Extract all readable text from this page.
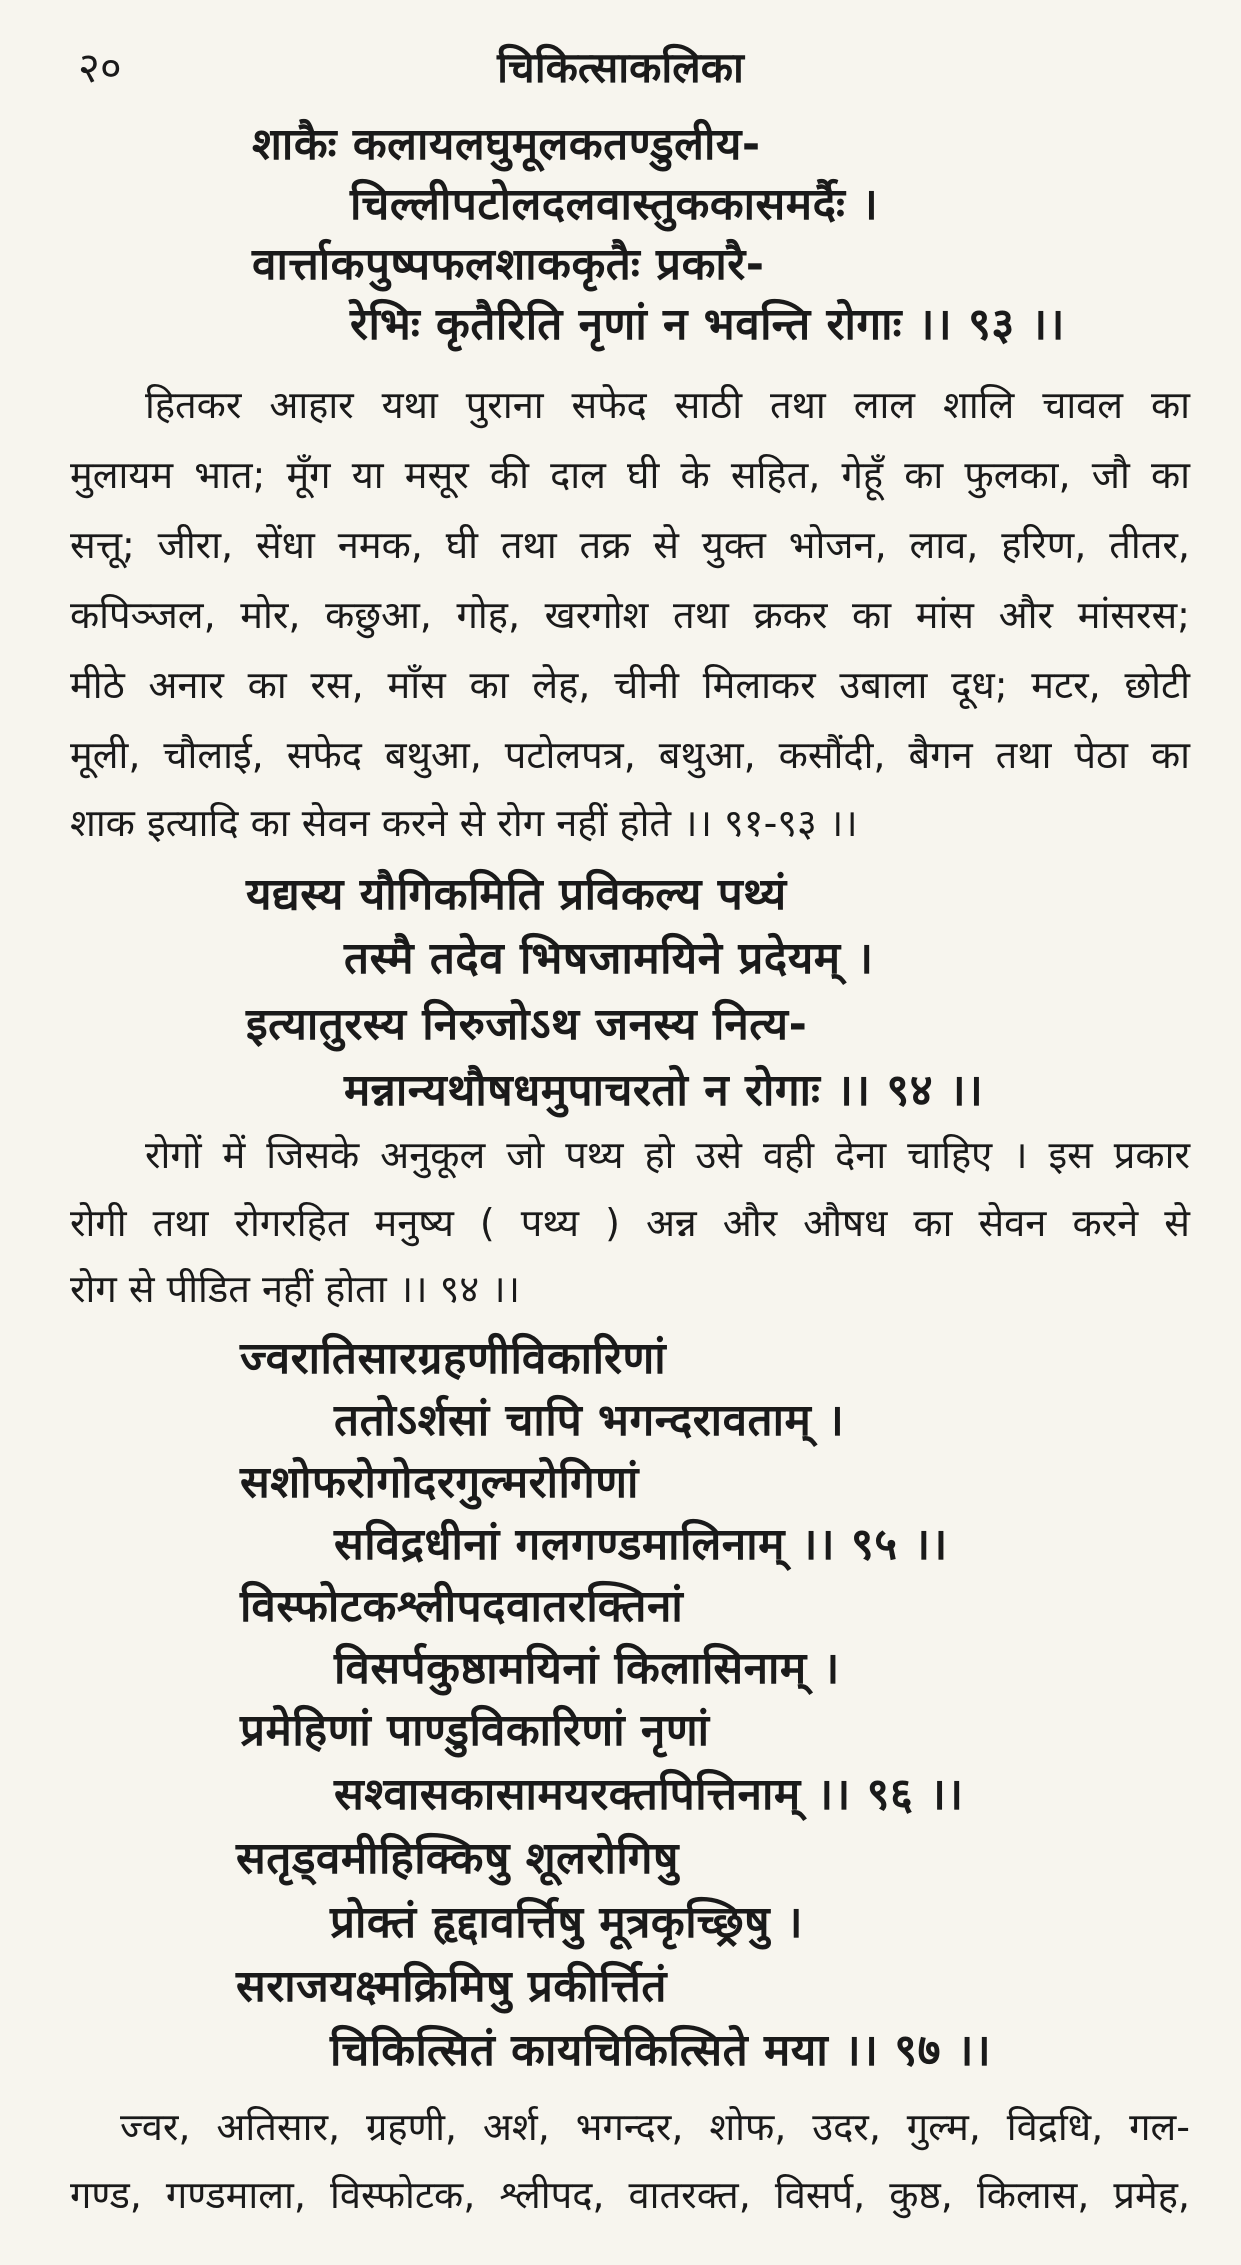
२०	चिकित्साकलिका
शाकैः कलायलघुमूलकतण्डुलीय-
चिल्लीपटोलदलवास्तुककासमर्दैः ।
वार्त्ताकपुष्पफलशाककृतैः प्रकारै-
रेभिः कृतैरिति नृणां न भवन्ति रोगाः ।। ९३ ।।
हितकर आहार यथा पुराना सफेद साठी तथा लाल शालि चावल का
मुलायम भात; मूँग या मसूर की दाल घी के सहित, गेहूँ का फुलका, जौ का
सत्तू; जीरा, सेंधा नमक, घी तथा तक्र से युक्त भोजन, लाव, हरिण, तीतर,
कपिञ्जल, मोर, कछुआ, गोह, खरगोश तथा क्रकर का मांस और मांसरस;
मीठे अनार का रस, माँस का लेह, चीनी मिलाकर उबाला दूध; मटर, छोटी
मूली, चौलाई, सफेद बथुआ, पटोलपत्र, बथुआ, कसौंदी, बैगन तथा पेठा का
शाक इत्यादि का सेवन करने से रोग नहीं होते ।। ९१-९३ ।।
यद्यस्य यौगिकमिति प्रविकल्य पथ्यं
तस्मै तदेव भिषजामयिने प्रदेयम् ।
इत्यातुरस्य निरुजोऽथ जनस्य नित्य-
मन्नान्यथौषधमुपाचरतो न रोगाः ।। ९४ ।।
रोगों में जिसके अनुकूल जो पथ्य हो उसे वही देना चाहिए । इस प्रकार
रोगी तथा रोगरहित मनुष्य ( पथ्य ) अन्न और औषध का सेवन करने से
रोग से पीडित नहीं होता ।। ९४ ।।
ज्वरातिसारग्रहणीविकारिणां
ततोऽर्शसां चापि भगन्दरावताम् ।
सशोफरोगोदरगुल्मरोगिणां
सविद्रधीनां गलगण्डमालिनाम् ।। ९५ ।।
विस्फोटकश्लीपदवातरक्तिनां
विसर्पकुष्ठामयिनां किलासिनाम् ।
प्रमेहिणां पाण्डुविकारिणां नृणां
सश्वासकासामयरक्तपित्तिनाम् ।। ९६ ।।
सतृड्वमीहिक्किषु शूलरोगिषु
प्रोक्तं हृद्दावर्त्तिषु मूत्रकृच्छ्रिषु ।
सराजयक्ष्मक्रिमिषु प्रकीर्त्तितं
चिकित्सितं कायचिकित्सिते मया ।। ९७ ।।
ज्वर, अतिसार, ग्रहणी, अर्श, भगन्दर, शोफ, उदर, गुल्म, विद्रधि, गल-
गण्ड, गण्डमाला, विस्फोटक, श्लीपद, वातरक्त, विसर्प, कुष्ठ, किलास, प्रमेह,
